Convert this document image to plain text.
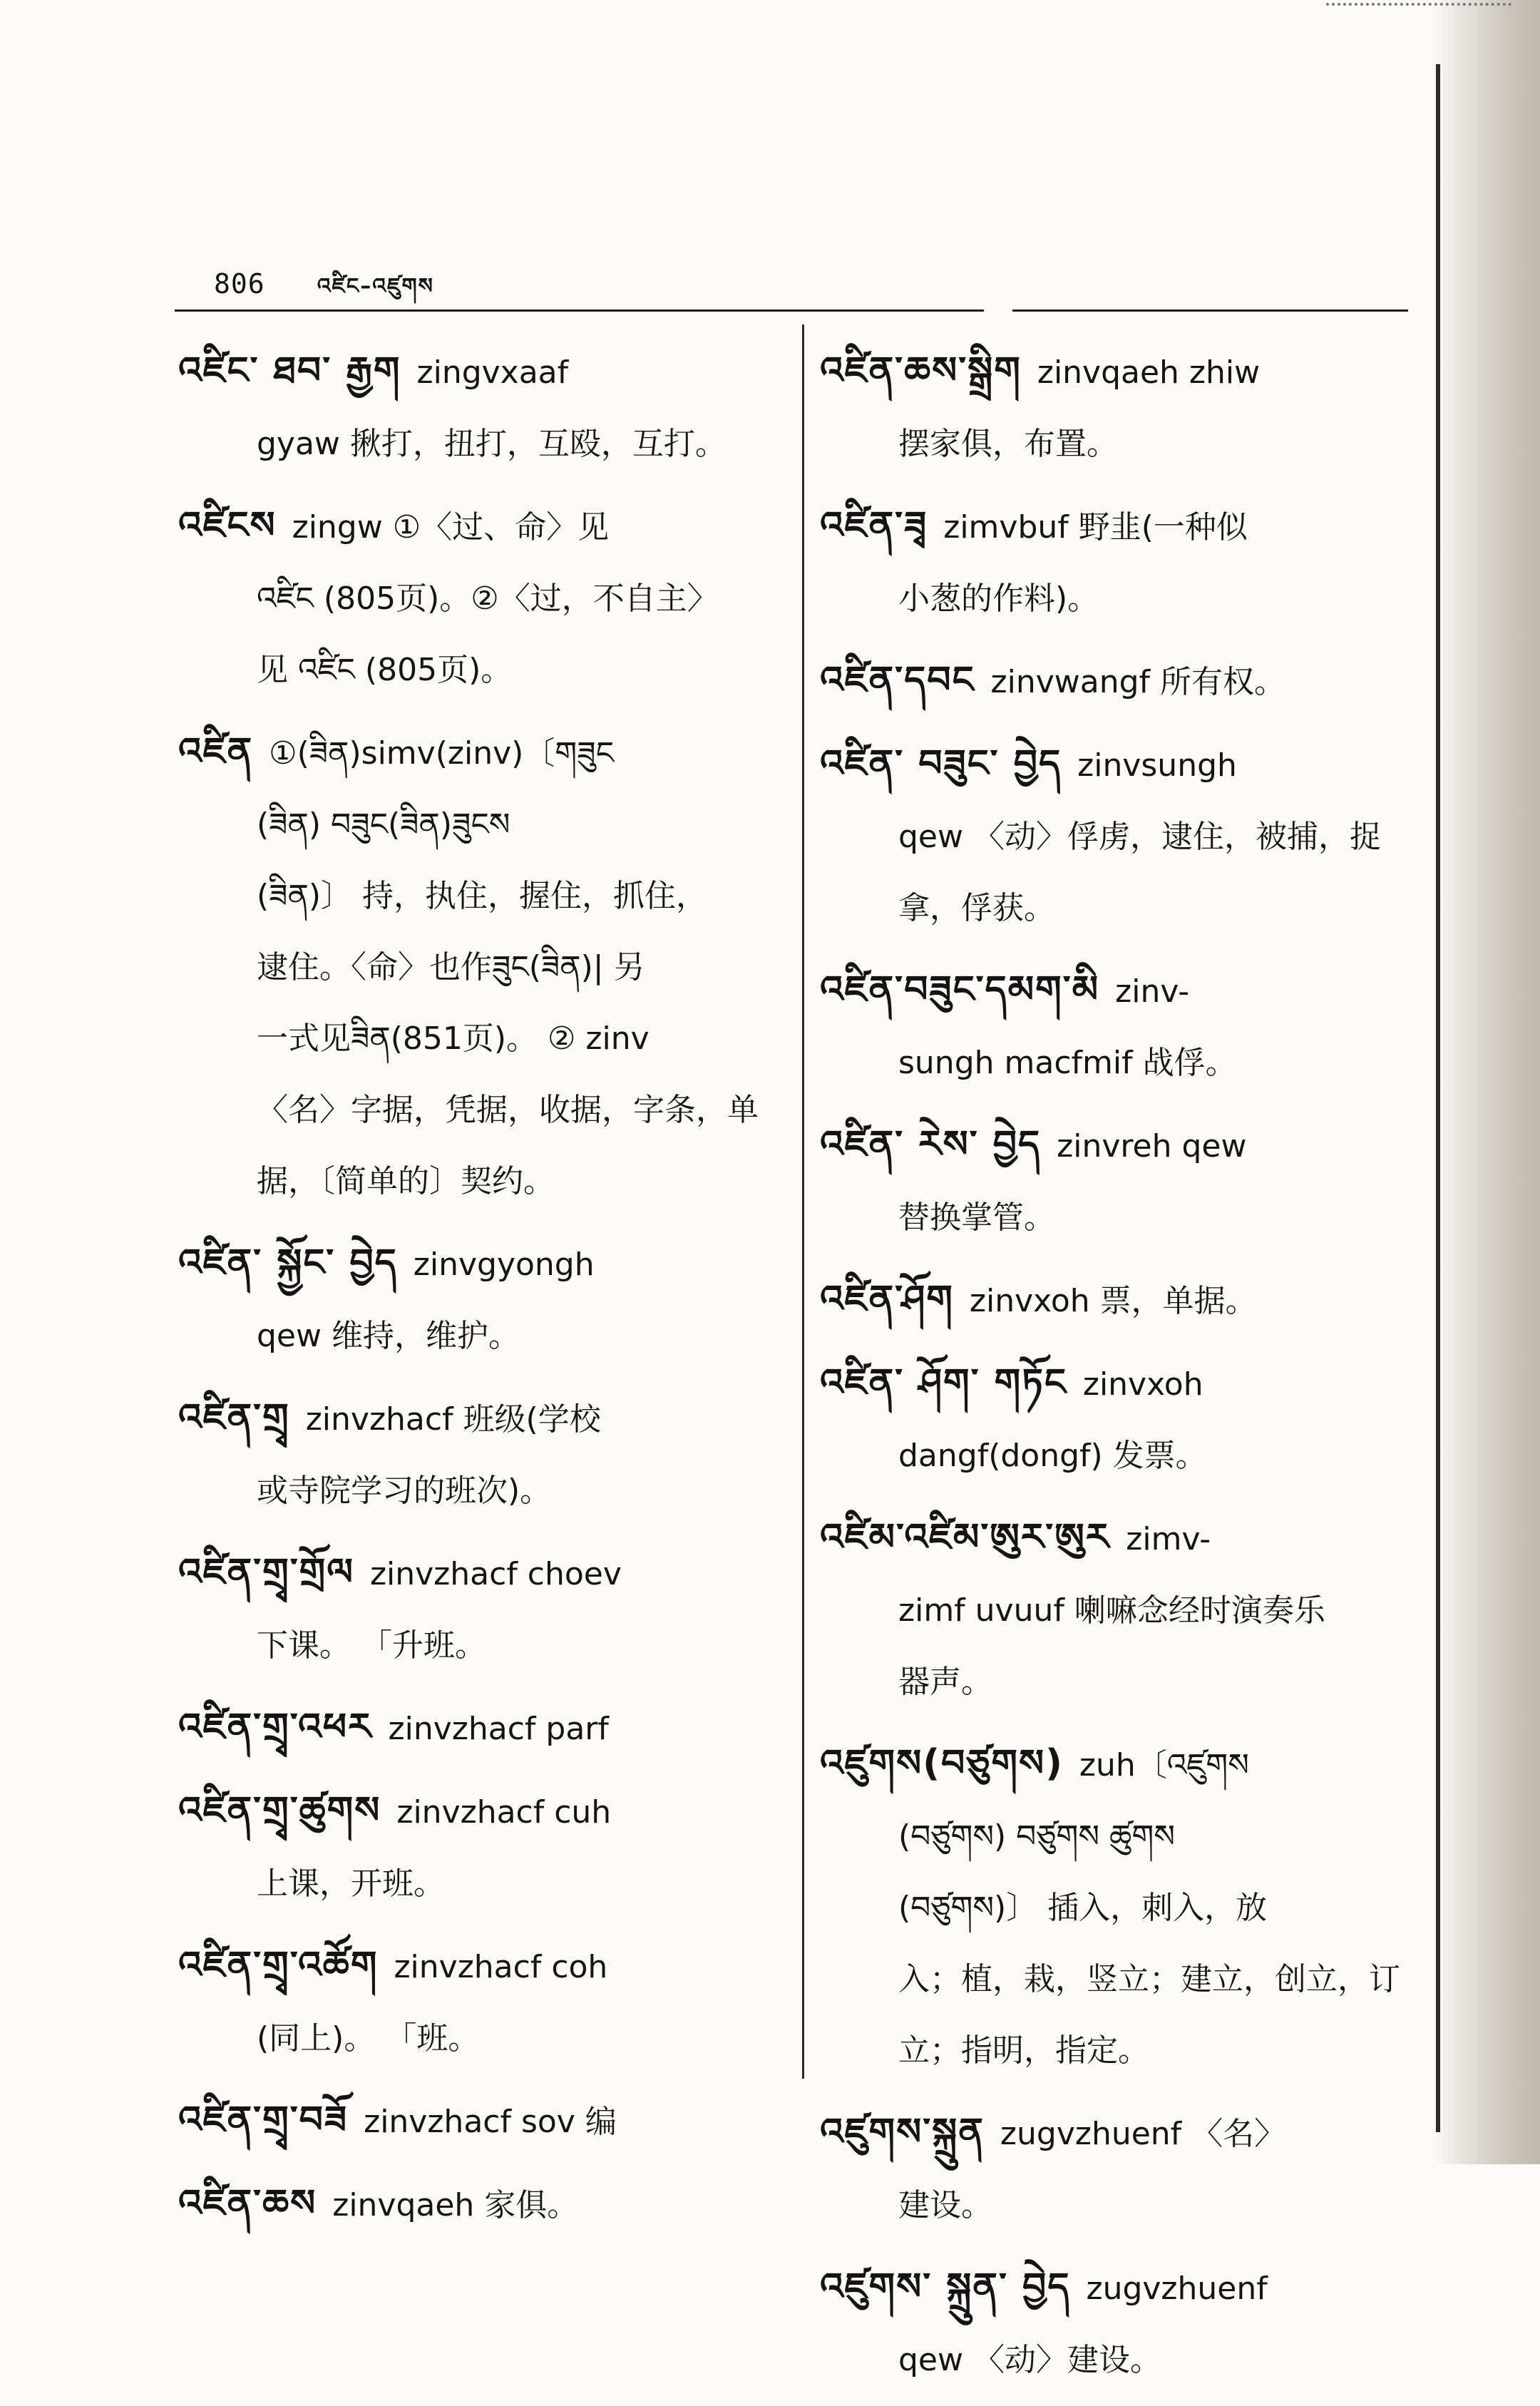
806 འཛིང–འཛུགས
འཛིང་ ཐབ་ རྒྱག zingvxaaf
gyaw 揪打，扭打，互殴，互打。
འཛིངས zingw ①〈过、命〉见
འཛིང (805页)。②〈过，不自主〉
见 འཛིང (805页)。
འཛིན ①(ཟིན)simv(zinv)〔གཟུང
(ཟིན) བཟུང(ཟིན)ཟུངས
(ཟིན)〕 持，执住，握住，抓住，
逮住。〈命〉也作ཟུང(ཟིན)| 另
一式见ཟིན(851页)。 ② zinv
〈名〉字据，凭据，收据，字条，单
据，〔简单的〕契约。
འཛིན་ སྐྱོང་ བྱེད zinvgyongh
qew 维持，维护。
འཛིན་གྲྭ zinvzhacf 班级(学校
或寺院学习的班次)。
འཛིན་གྲྭ་གྲོལ zinvzhacf choev
下课。 「升班。
འཛིན་གྲྭ་འཕར zinvzhacf parf
འཛིན་གྲྭ་ཚུགས zinvzhacf cuh
上课，开班。
འཛིན་གྲྭ་འཚོག zinvzhacf coh
(同上)。 「班。
འཛིན་གྲྭ་བཟོ zinvzhacf sov 编
འཛིན་ཆས zinvqaeh 家俱。
འཛིན་ཆས་སྒྲིག zinvqaeh zhiw
摆家俱，布置。
འཛིན་ཟྭ zimvbuf 野韭(一种似
小葱的作料)。
འཛིན་དབང zinvwangf 所有权。
འཛིན་ བཟུང་ བྱེད zinvsungh
qew 〈动〉俘虏，逮住，被捕，捉
拿，俘获。
འཛིན་བཟུང་དམག་མི zinv-
sungh macfmif 战俘。
འཛིན་ རེས་ བྱེད zinvreh qew
替换掌管。
འཛིན་ཤོག zinvxoh 票，单据。
འཛིན་ ཤོག་ གཏོང zinvxoh
dangf(dongf) 发票。
འཛིམ་འཛིམ་ཨུར་ཨུར zimv-
zimf uvuuf 喇嘛念经时演奏乐
器声。
འཛུགས(བཙུགས) zuh〔འཛུགས
(བཙུགས) བཙུགས ཚུགས
(བཙུགས)〕 插入，刺入，放
入；植，栽，竖立；建立，创立，订
立；指明，指定。
འཛུགས་སྐྲུན zugvzhuenf 〈名〉
建设。
འཛུགས་ སྐྲུན་ བྱེད zugvzhuenf
qew 〈动〉建设。
